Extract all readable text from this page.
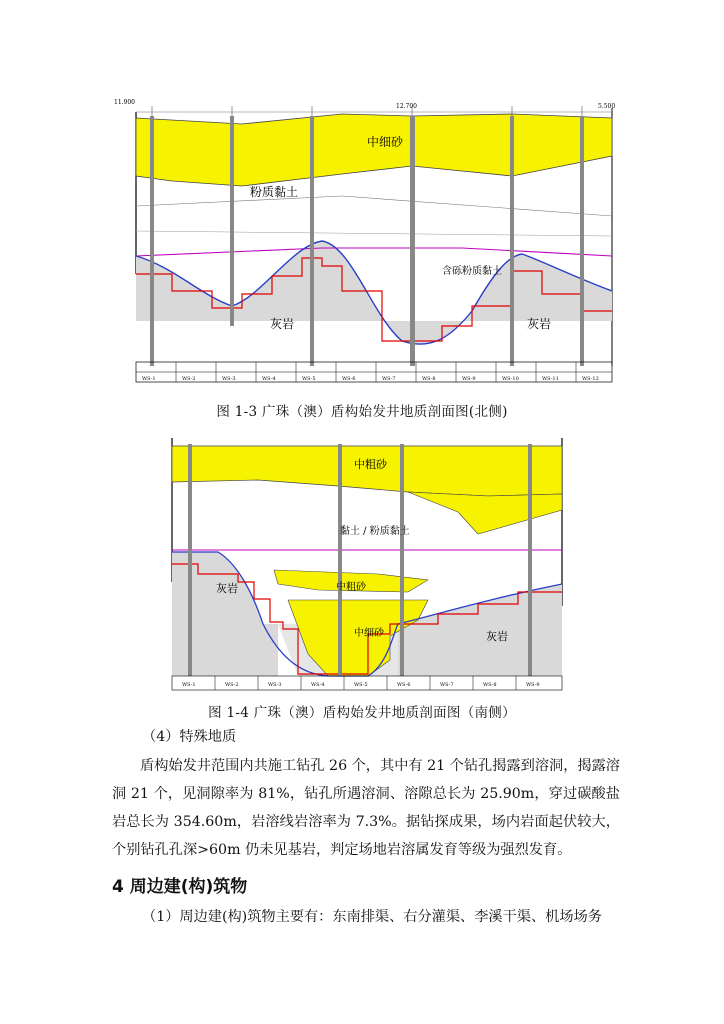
中细砂
粉质黏土
含砾粉质黏土
灰岩	灰岩
11.900
12.700	5.500
WS-1	WS-2	WS-3	WS-4	WS-5	WS-6	WS-7	WS-8	WS-9	WS-10	WS-11	WS-12
图 1-3 广珠（澳）盾构始发井地质剖面图(北侧)
中粗砂
黏土 / 粉质黏土
中粗砂
中细砂
灰岩
灰岩
WS-1	WS-2	WS-3	WS-4	WS-5	WS-6	WS-7	WS-8	WS-9
图 1-4 广珠（澳）盾构始发井地质剖面图（南侧）
（4）特殊地质
盾构始发井范围内共施工钻孔 26 个，其中有 21 个钻孔揭露到溶洞，揭露溶洞 21 个，见洞隙率为 81%，钻孔所遇溶洞、溶隙总长为 25.90m，穿过碳酸盐岩总长为 354.60m，岩溶线岩溶率为 7.3%。据钻探成果，场内岩面起伏较大，个别钻孔孔深>60m 仍未见基岩，判定场地岩溶属发育等级为强烈发育。
4 周边建(构)筑物
（1）周边建(构)筑物主要有：东南排渠、右分灌渠、李溪干渠、机场场务
